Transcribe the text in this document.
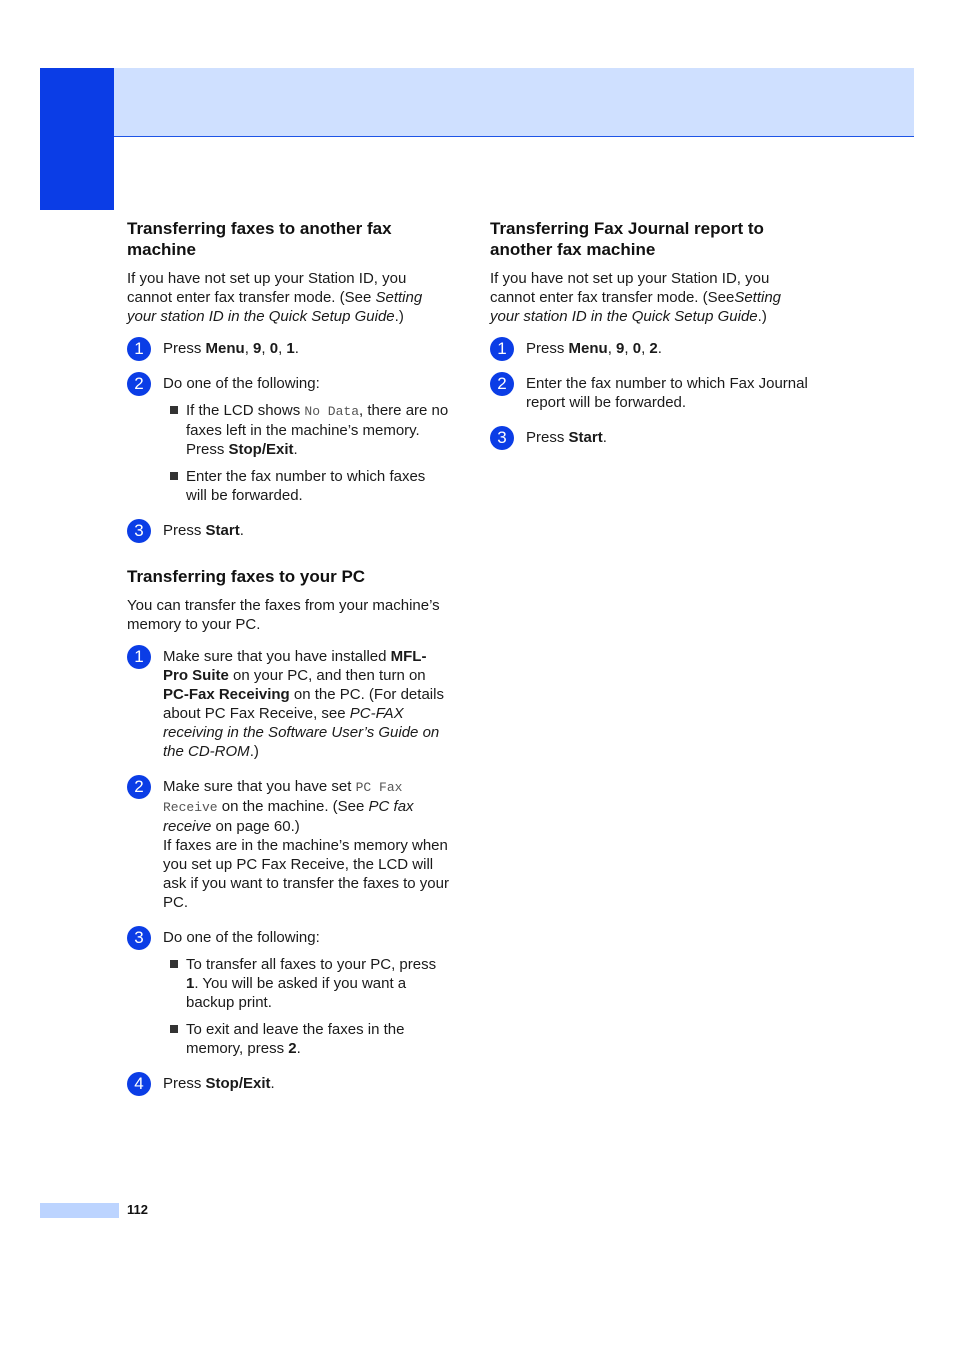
Transferring faxes to another fax machine

If you have not set up your Station ID, you cannot enter fax transfer mode. (See Setting your station ID in the Quick Setup Guide.)

1	Press Menu, 9, 0, 1.
2	Do one of the following:
If the LCD shows No Data, there are no faxes left in the machine’s memory.
Press Stop/Exit.
Enter the fax number to which faxes will be forwarded.
3	Press Start.
Transferring faxes to your PC

You can transfer the faxes from your machine’s memory to your PC.

1	Make sure that you have installed MFL-Pro Suite on your PC, and then turn on PC-Fax Receiving on the PC. (For details about PC Fax Receive, see PC-FAX receiving in the Software User’s Guide on the CD-ROM.)
2	Make sure that you have set PC Fax Receive on the machine. (See PC fax receive on page 60.)
If faxes are in the machine’s memory when you set up PC Fax Receive, the LCD will ask if you want to transfer the faxes to your PC.
3	Do one of the following:
To transfer all faxes to your PC, press 1. You will be asked if you want a backup print.
To exit and leave the faxes in the memory, press 2.
4	Press Stop/Exit.
Transferring Fax Journal report to another fax machine

If you have not set up your Station ID, you cannot enter fax transfer mode. (SeeSetting your station ID in the Quick Setup Guide.)

1	Press Menu, 9, 0, 2.
2	Enter the fax number to which Fax Journal report will be forwarded.
3	Press Start.
112
